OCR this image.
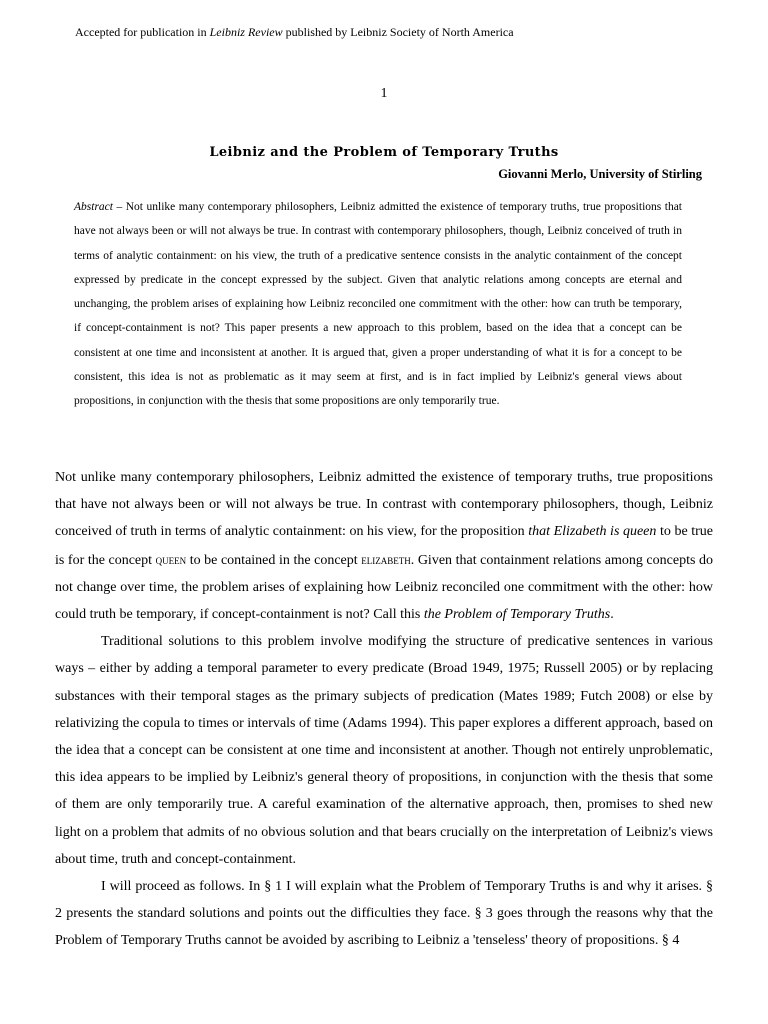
Accepted for publication in Leibniz Review published by Leibniz Society of North America
1
Leibniz and the Problem of Temporary Truths
Giovanni Merlo, University of Stirling
Abstract – Not unlike many contemporary philosophers, Leibniz admitted the existence of temporary truths, true propositions that have not always been or will not always be true. In contrast with contemporary philosophers, though, Leibniz conceived of truth in terms of analytic containment: on his view, the truth of a predicative sentence consists in the analytic containment of the concept expressed by predicate in the concept expressed by the subject. Given that analytic relations among concepts are eternal and unchanging, the problem arises of explaining how Leibniz reconciled one commitment with the other: how can truth be temporary, if concept-containment is not? This paper presents a new approach to this problem, based on the idea that a concept can be consistent at one time and inconsistent at another. It is argued that, given a proper understanding of what it is for a concept to be consistent, this idea is not as problematic as it may seem at first, and is in fact implied by Leibniz's general views about propositions, in conjunction with the thesis that some propositions are only temporarily true.

Not unlike many contemporary philosophers, Leibniz admitted the existence of temporary truths, true propositions that have not always been or will not always be true. In contrast with contemporary philosophers, though, Leibniz conceived of truth in terms of analytic containment: on his view, for the proposition that Elizabeth is queen to be true is for the concept queen to be contained in the concept elizabeth. Given that containment relations among concepts do not change over time, the problem arises of explaining how Leibniz reconciled one commitment with the other: how could truth be temporary, if concept-containment is not? Call this the Problem of Temporary Truths.

Traditional solutions to this problem involve modifying the structure of predicative sentences in various ways – either by adding a temporal parameter to every predicate (Broad 1949, 1975; Russell 2005) or by replacing substances with their temporal stages as the primary subjects of predication (Mates 1989; Futch 2008) or else by relativizing the copula to times or intervals of time (Adams 1994). This paper explores a different approach, based on the idea that a concept can be consistent at one time and inconsistent at another. Though not entirely unproblematic, this idea appears to be implied by Leibniz's general theory of propositions, in conjunction with the thesis that some of them are only temporarily true. A careful examination of the alternative approach, then, promises to shed new light on a problem that admits of no obvious solution and that bears crucially on the interpretation of Leibniz's views about time, truth and concept-containment.

I will proceed as follows. In § 1 I will explain what the Problem of Temporary Truths is and why it arises. § 2 presents the standard solutions and points out the difficulties they face. § 3 goes through the reasons why that the Problem of Temporary Truths cannot be avoided by ascribing to Leibniz a 'tenseless' theory of propositions. § 4
